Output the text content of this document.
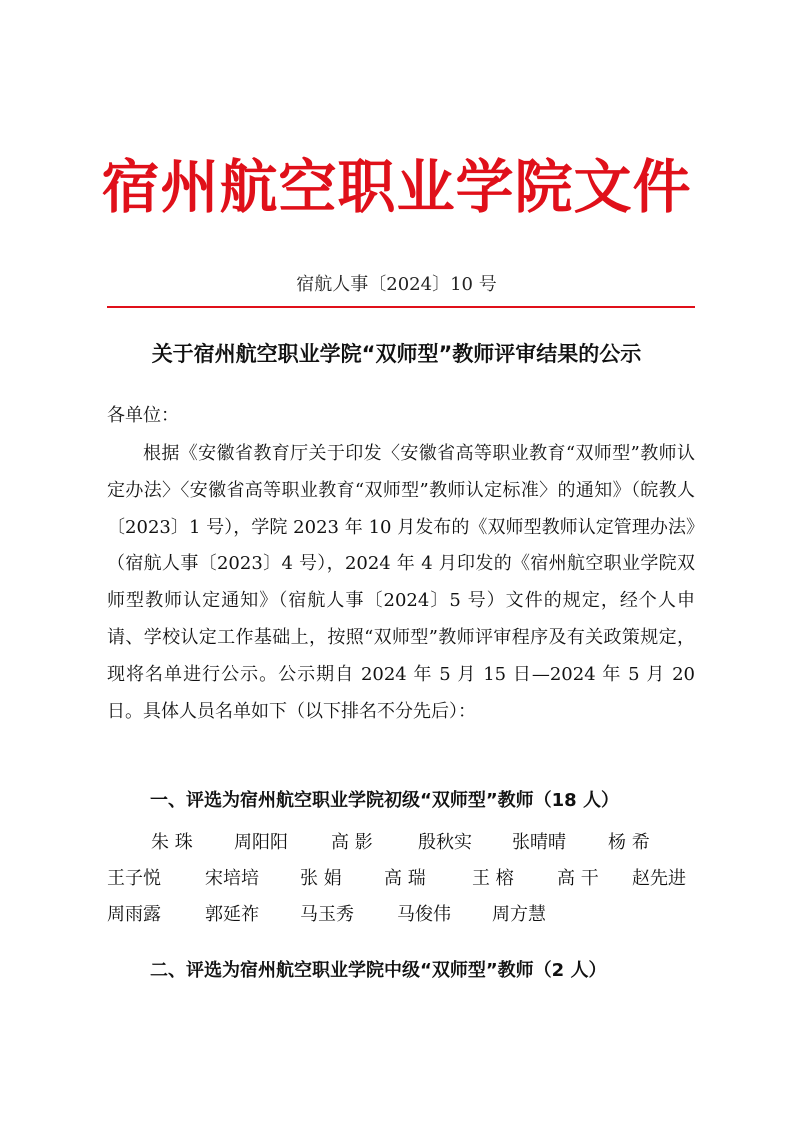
宿州航空职业学院文件
宿航人事〔2024〕10 号
关于宿州航空职业学院“双师型”教师评审结果的公示
各单位：

根据《安徽省教育厅关于印发〈安徽省高等职业教育“双师型”教师认定办法〉〈安徽省高等职业教育“双师型”教师认定标准〉的通知》（皖教人〔2023〕1 号），学院 2023 年 10 月发布的《双师型教师认定管理办法》（宿航人事〔2023〕4 号），2024 年 4 月印发的《宿州航空职业学院双师型教师认定通知》（宿航人事〔2024〕5 号）文件的规定，经个人申请、学校认定工作基础上，按照“双师型”教师评审程序及有关政策规定，现将名单进行公示。公示期自 2024 年 5 月 15 日—2024 年 5 月 20 日。具体人员名单如下（以下排名不分先后）：

一、评选为宿州航空职业学院初级“双师型”教师（18 人）
朱 珠 周阳阳 高 影	殷秋实 张晴晴 杨 希
王子悦 宋培培 张 娟 高 瑞	王 榕 高 干 赵先进
周雨露 郭延祚 马玉秀 马俊伟 周方慧
二、评选为宿州航空职业学院中级“双师型”教师（2 人）
